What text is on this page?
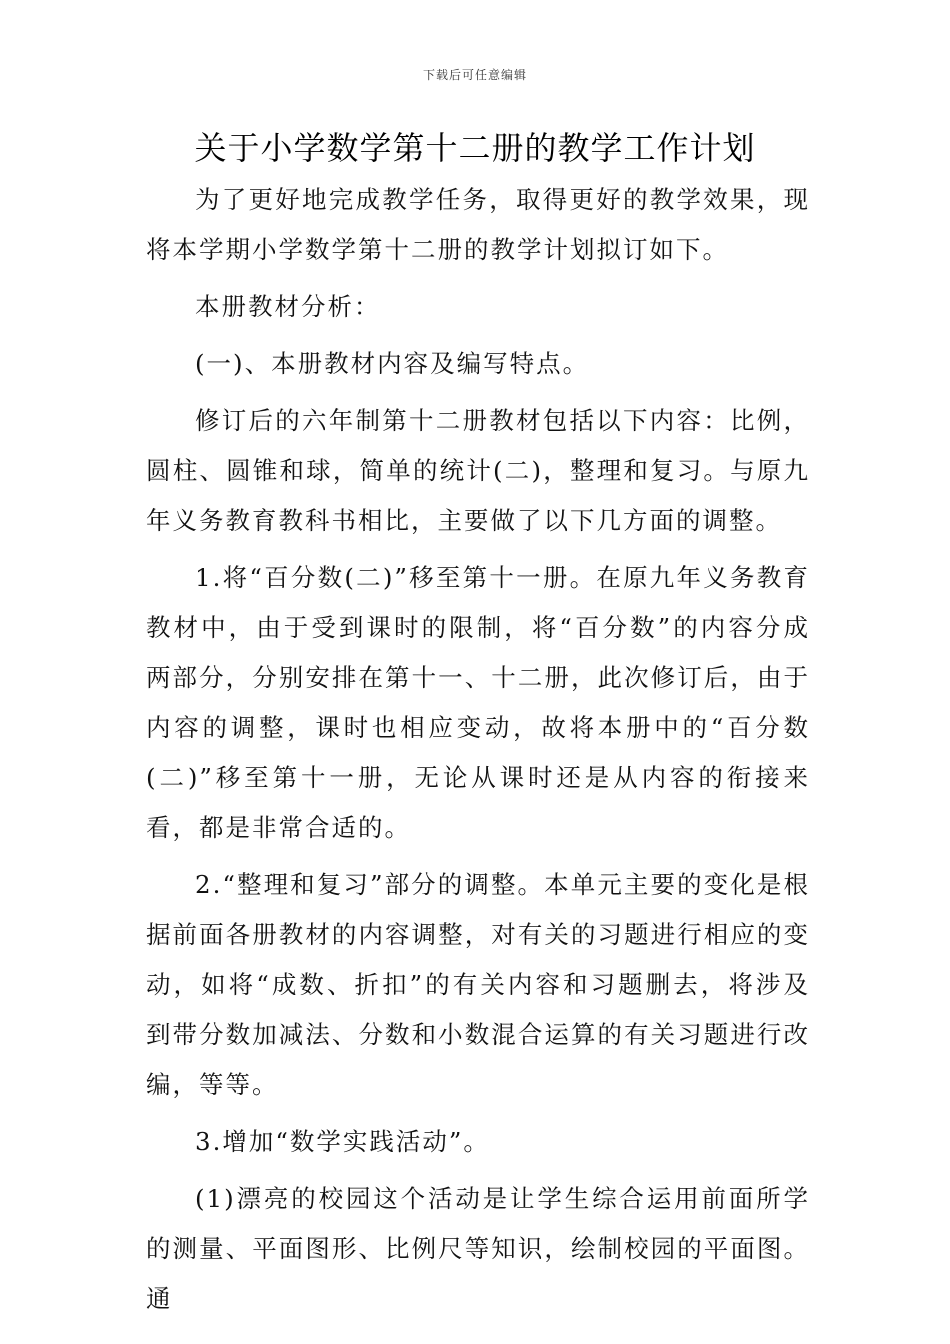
下载后可任意编辑
关于小学数学第十二册的教学工作计划

为了更好地完成教学任务，取得更好的教学效果，现将本学期小学数学第十二册的教学计划拟订如下。

本册教材分析：

(一)、本册教材内容及编写特点。

修订后的六年制第十二册教材包括以下内容：比例，圆柱、圆锥和球，简单的统计(二)，整理和复习。与原九年义务教育教科书相比，主要做了以下几方面的调整。

1.将“百分数(二)”移至第十一册。在原九年义务教育教材中，由于受到课时的限制，将“百分数”的内容分成两部分，分别安排在第十一、十二册，此次修订后，由于内容的调整，课时也相应变动，故将本册中的“百分数(二)”移至第十一册，无论从课时还是从内容的衔接来看，都是非常合适的。

2.“整理和复习”部分的调整。本单元主要的变化是根据前面各册教材的内容调整，对有关的习题进行相应的变动，如将“成数、折扣”的有关内容和习题删去，将涉及到带分数加减法、分数和小数混合运算的有关习题进行改编，等等。

3.增加“数学实践活动”。

(1)漂亮的校园这个活动是让学生综合运用前面所学的测量、平面图形、比例尺等知识，绘制校园的平面图。通
